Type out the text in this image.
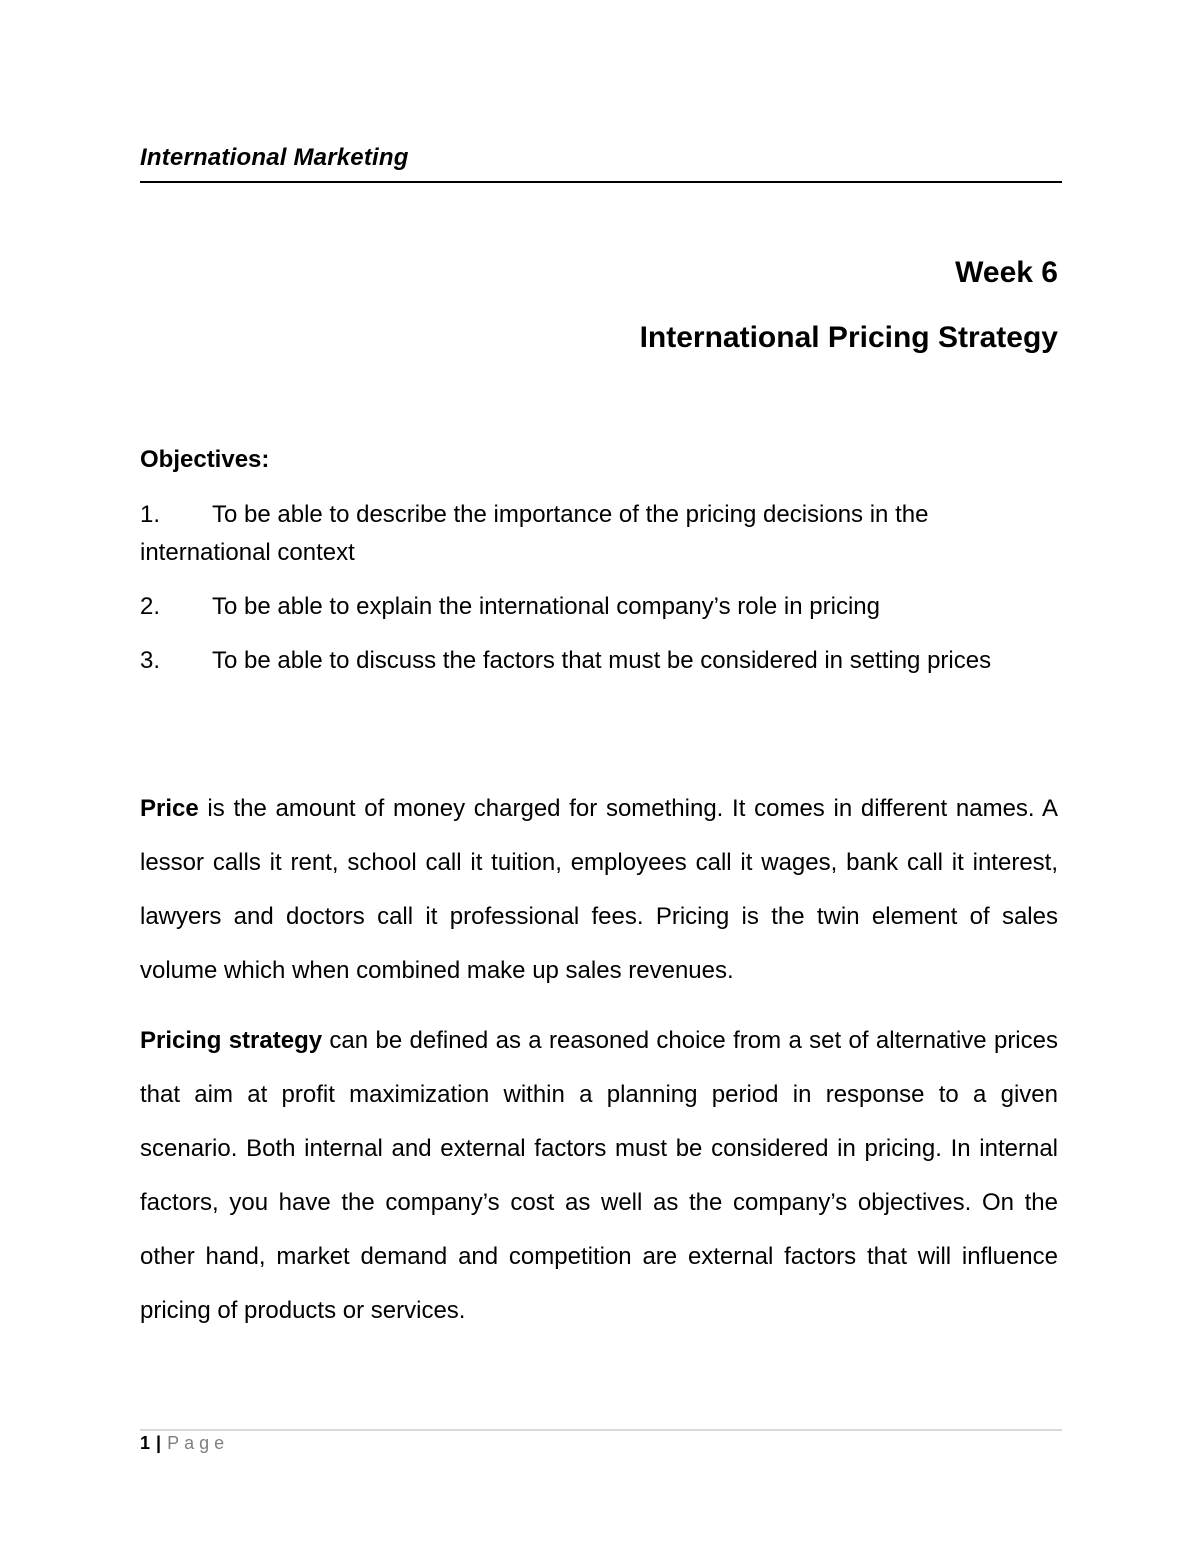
International Marketing
Week 6
International Pricing Strategy
Objectives:
1. To be able to describe the importance of the pricing decisions in the international context
2. To be able to explain the international company’s role in pricing
3. To be able to discuss the factors that must be considered in setting prices

Price is the amount of money charged for something. It comes in different names. A lessor calls it rent, school call it tuition, employees call it wages, bank call it interest, lawyers and doctors call it professional fees. Pricing is the twin element of sales volume which when combined make up sales revenues.

Pricing strategy can be defined as a reasoned choice from a set of alternative prices that aim at profit maximization within a planning period in response to a given scenario. Both internal and external factors must be considered in pricing. In internal factors, you have the company’s cost as well as the company’s objectives. On the other hand, market demand and competition are external factors that will influence pricing of products or services.

1 | Page
